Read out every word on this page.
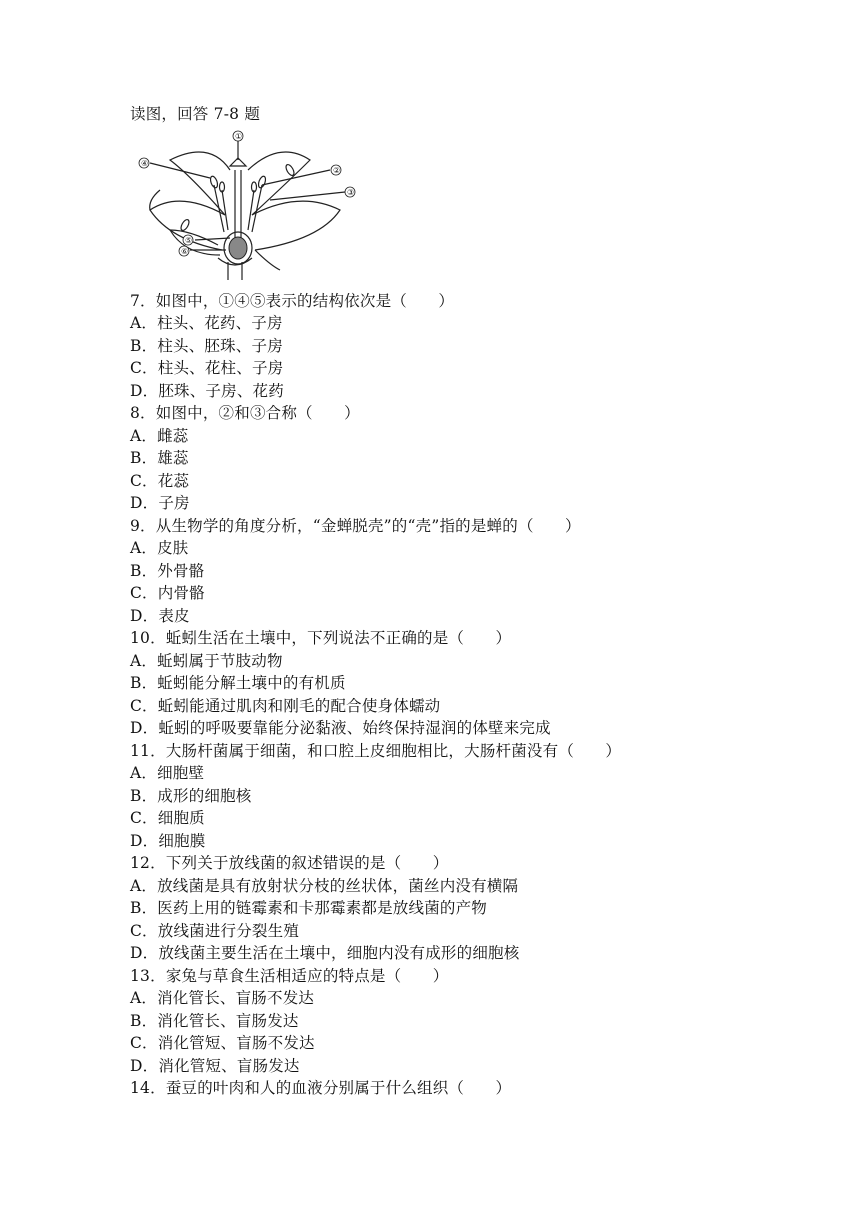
读图，回答 7-8 题
①
④
②
③
⑤
⑥
7．如图中，①④⑤表示的结构依次是（　　）
A．柱头、花药、子房
B．柱头、胚珠、子房
C．柱头、花柱、子房
D．胚珠、子房、花药
8．如图中，②和③合称（　　）
A．雌蕊
B．雄蕊
C．花蕊
D．子房
9．从生物学的角度分析，“金蝉脱壳”的“壳”指的是蝉的（　　）
A．皮肤
B．外骨骼
C．内骨骼
D．表皮
10．蚯蚓生活在土壤中，下列说法不正确的是（　　）
A．蚯蚓属于节肢动物
B．蚯蚓能分解土壤中的有机质
C．蚯蚓能通过肌肉和刚毛的配合使身体蠕动
D．蚯蚓的呼吸要靠能分泌黏液、始终保持湿润的体壁来完成
11．大肠杆菌属于细菌，和口腔上皮细胞相比，大肠杆菌没有（　　）
A．细胞壁
B．成形的细胞核
C．细胞质
D．细胞膜
12．下列关于放线菌的叙述错误的是（　　）
A．放线菌是具有放射状分枝的丝状体，菌丝内没有横隔
B．医药上用的链霉素和卡那霉素都是放线菌的产物
C．放线菌进行分裂生殖
D．放线菌主要生活在土壤中，细胞内没有成形的细胞核
13．家兔与草食生活相适应的特点是（　　）
A．消化管长、盲肠不发达
B．消化管长、盲肠发达
C．消化管短、盲肠不发达
D．消化管短、盲肠发达
14．蚕豆的叶肉和人的血液分别属于什么组织（　　）
